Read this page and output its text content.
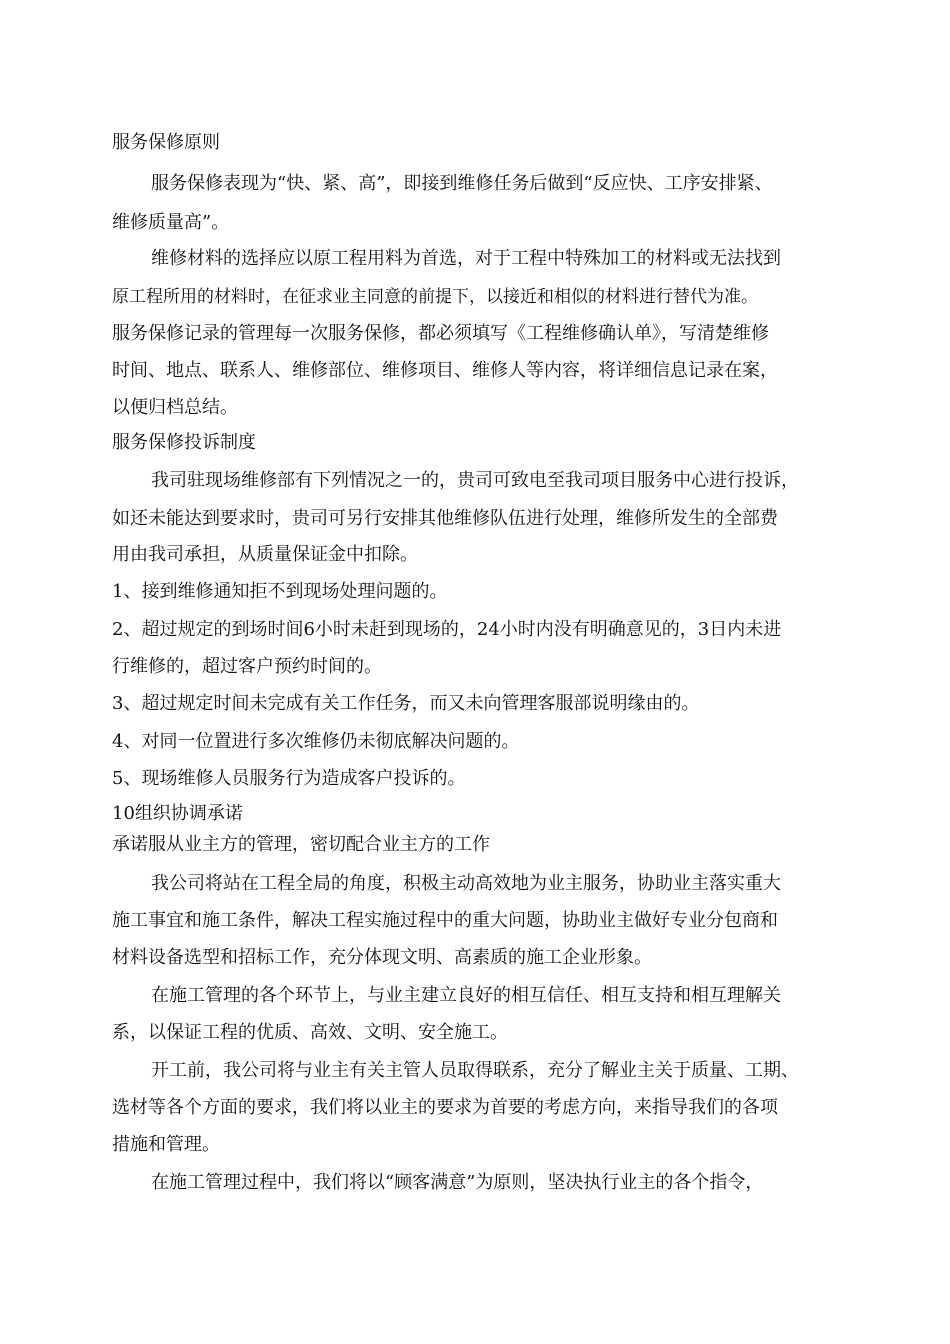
服务保修原则
服务保修表现为“快、紧、高”，即接到维修任务后做到“反应快、工序安排紧、
维修质量高”。
维修材料的选择应以原工程用料为首选，对于工程中特殊加工的材料或无法找到
原工程所用的材料时，在征求业主同意的前提下，以接近和相似的材料进行替代为准。
服务保修记录的管理每一次服务保修，都必须填写《工程维修确认单》，写清楚维修
时间、地点、联系人、维修部位、维修项目、维修人等内容，将详细信息记录在案，
以便归档总结。
服务保修投诉制度
我司驻现场维修部有下列情况之一的，贵司可致电至我司项目服务中心进行投诉，
如还未能达到要求时，贵司可另行安排其他维修队伍进行处理，维修所发生的全部费
用由我司承担，从质量保证金中扣除。
1、接到维修通知拒不到现场处理问题的。
2、超过规定的到场时间6小时未赶到现场的，24小时内没有明确意见的，3日内未进
行维修的，超过客户预约时间的。
3、超过规定时间未完成有关工作任务，而又未向管理客服部说明缘由的。
4、对同一位置进行多次维修仍未彻底解决问题的。
5、现场维修人员服务行为造成客户投诉的。
10组织协调承诺
承诺服从业主方的管理，密切配合业主方的工作
我公司将站在工程全局的角度，积极主动高效地为业主服务，协助业主落实重大
施工事宜和施工条件，解决工程实施过程中的重大问题，协助业主做好专业分包商和
材料设备选型和招标工作，充分体现文明、高素质的施工企业形象。
在施工管理的各个环节上，与业主建立良好的相互信任、相互支持和相互理解关
系，以保证工程的优质、高效、文明、安全施工。
开工前，我公司将与业主有关主管人员取得联系，充分了解业主关于质量、工期、
选材等各个方面的要求，我们将以业主的要求为首要的考虑方向，来指导我们的各项
措施和管理。
在施工管理过程中，我们将以“顾客满意”为原则，坚决执行业主的各个指令，
